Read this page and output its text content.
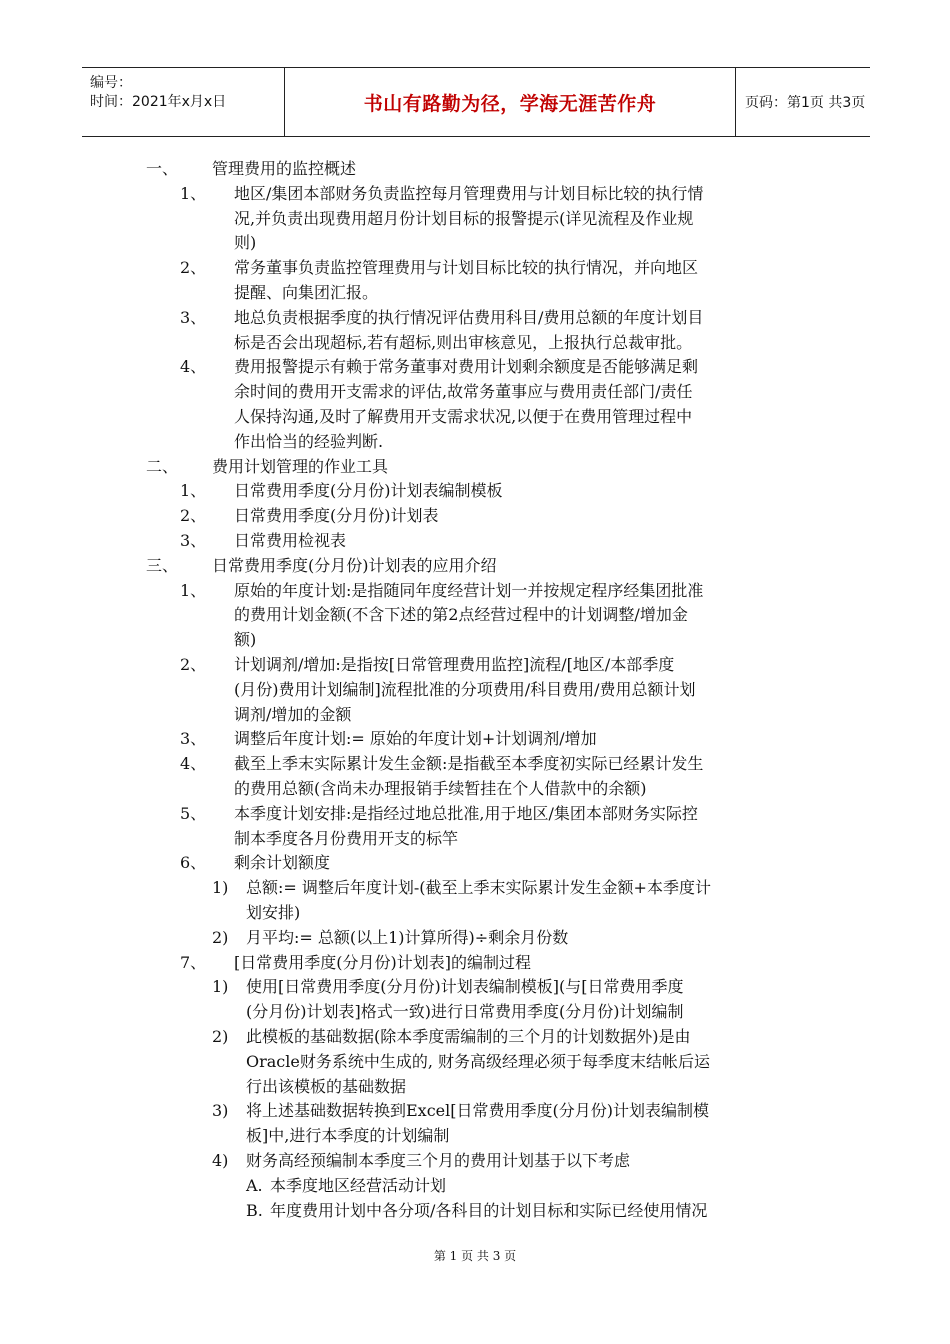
编号：
时间：2021年x月x日	书山有路勤为径，学海无涯苦作舟	页码：第1页 共3页
一、 管理费用的监控概述
1、 地区/集团本部财务负责监控每月管理费用与计划目标比较的执行情
况,并负责出现费用超月份计划目标的报警提示(详见流程及作业规
则)
2、 常务董事负责监控管理费用与计划目标比较的执行情况，并向地区
提醒、向集团汇报。
3、 地总负责根据季度的执行情况评估费用科目/费用总额的年度计划目
标是否会出现超标,若有超标,则出审核意见，上报执行总裁审批。
4、 费用报警提示有赖于常务董事对费用计划剩余额度是否能够满足剩
余时间的费用开支需求的评估,故常务董事应与费用责任部门/责任
人保持沟通,及时了解费用开支需求状况,以便于在费用管理过程中
作出恰当的经验判断.
二、 费用计划管理的作业工具
1、 日常费用季度(分月份)计划表编制模板
2、 日常费用季度(分月份)计划表
3、 日常费用检视表
三、 日常费用季度(分月份)计划表的应用介绍
1、 原始的年度计划:是指随同年度经营计划一并按规定程序经集团批准
的费用计划金额(不含下述的第2点经营过程中的计划调整/增加金
额)
2、 计划调剂/增加:是指按[日常管理费用监控]流程/[地区/本部季度
(月份)费用计划编制]流程批准的分项费用/科目费用/费用总额计划
调剂/增加的金额
3、 调整后年度计划:= 原始的年度计划+计划调剂/增加
4、 截至上季末实际累计发生金额:是指截至本季度初实际已经累计发生
的费用总额(含尚未办理报销手续暂挂在个人借款中的余额)
5、 本季度计划安排:是指经过地总批准,用于地区/集团本部财务实际控
制本季度各月份费用开支的标竿
6、 剩余计划额度
1) 总额:= 调整后年度计划-(截至上季末实际累计发生金额+本季度计
划安排)
2) 月平均:= 总额(以上1)计算所得)÷剩余月份数
7、 [日常费用季度(分月份)计划表]的编制过程
1) 使用[日常费用季度(分月份)计划表编制模板](与[日常费用季度
(分月份)计划表]格式一致)进行日常费用季度(分月份)计划编制
2) 此模板的基础数据(除本季度需编制的三个月的计划数据外)是由
Oracle财务系统中生成的, 财务高级经理必须于每季度末结帐后运
行出该模板的基础数据
3) 将上述基础数据转换到Excel[日常费用季度(分月份)计划表编制模
板]中,进行本季度的计划编制
4) 财务高经预编制本季度三个月的费用计划基于以下考虑
A. 本季度地区经营活动计划
B. 年度费用计划中各分项/各科目的计划目标和实际已经使用情况
第 1 页 共 3 页
